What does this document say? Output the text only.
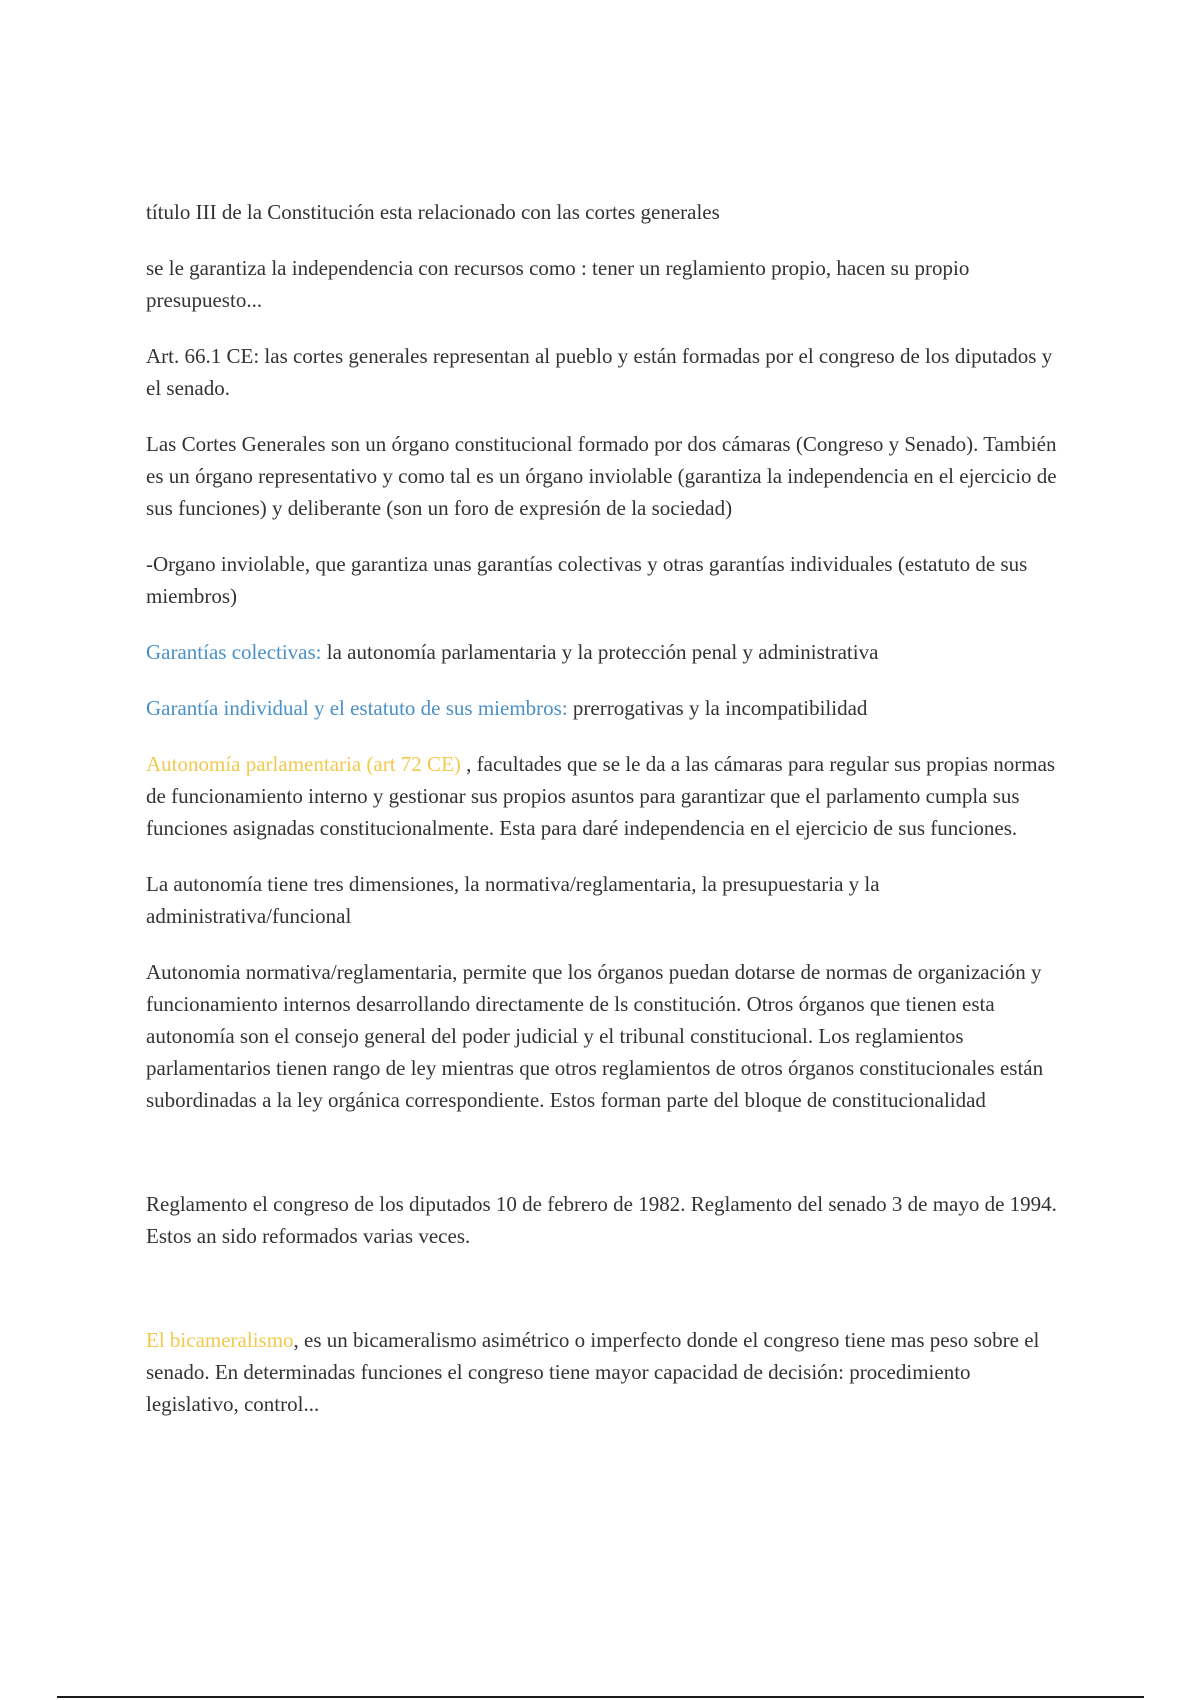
título III de la Constitución esta relacionado con las cortes generales

se le garantiza la independencia con recursos como : tener un reglamiento propio, hacen su propio presupuesto...

Art. 66.1 CE: las cortes generales representan al pueblo y están formadas por el congreso de los diputados y el senado.

Las Cortes Generales son un órgano constitucional formado por dos cámaras (Congreso y Senado). También es un órgano representativo y como tal es un órgano inviolable (garantiza la independencia en el ejercicio de sus funciones) y deliberante (son un foro de expresión de la sociedad)

-Organo inviolable, que garantiza unas garantías colectivas y otras garantías individuales (estatuto de sus miembros)

Garantías colectivas: la autonomía parlamentaria y la protección penal y administrativa

Garantía individual y el estatuto de sus miembros: prerrogativas y la incompatibilidad

Autonomía parlamentaria (art 72 CE) , facultades que se le da a las cámaras para regular sus propias normas de funcionamiento interno y gestionar sus propios asuntos para garantizar que el parlamento cumpla sus funciones asignadas constitucionalmente. Esta para daré independencia en el ejercicio de sus funciones.

La autonomía tiene tres dimensiones, la normativa/reglamentaria, la presupuestaria y la administrativa/funcional

Autonomia normativa/reglamentaria, permite que los órganos puedan dotarse de normas de organización y funcionamiento internos desarrollando directamente de ls constitución. Otros órganos que tienen esta autonomía son el consejo general del poder judicial y el tribunal constitucional. Los reglamientos parlamentarios tienen rango de ley mientras que otros reglamientos de otros órganos constitucionales están subordinadas a la ley orgánica correspondiente. Estos forman parte del bloque de constitucionalidad

Reglamento el congreso de los diputados 10 de febrero de 1982. Reglamento del senado 3 de mayo de 1994. Estos an sido reformados varias veces.

El bicameralismo, es un bicameralismo asimétrico o imperfecto donde el congreso tiene mas peso sobre el senado. En determinadas funciones el congreso tiene mayor capacidad de decisión: procedimiento legislativo, control...
